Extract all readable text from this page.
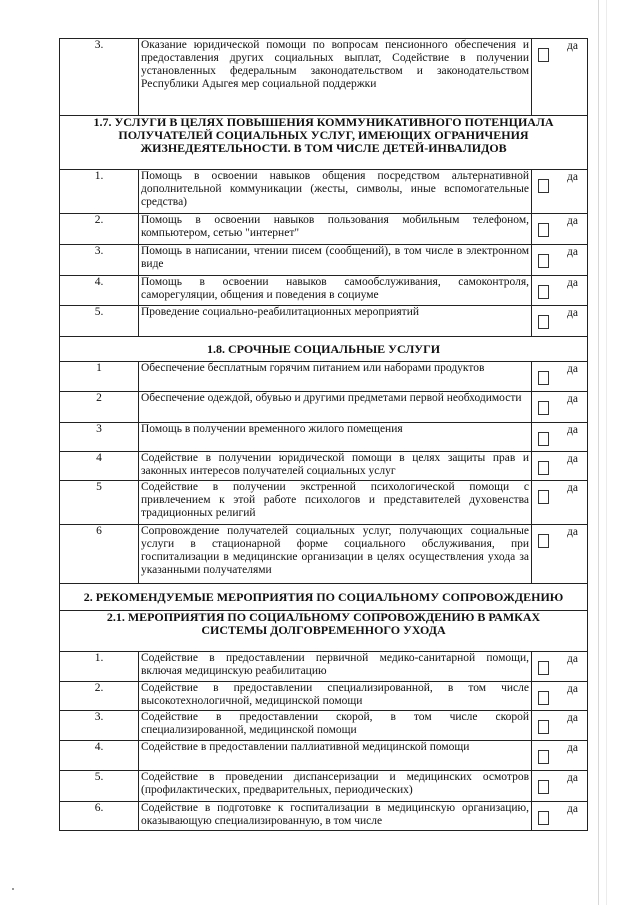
3.	Оказание юридической помощи по вопросам пенсионного обеспечения и предоставления других социальных выплат, Содействие в получении установленных федеральным законодательством и законодательством Республики Адыгея мер социальной поддержки	да

1.7. УСЛУГИ В ЦЕЛЯХ ПОВЫШЕНИЯ КОММУНИКАТИВНОГО ПОТЕНЦИАЛА ПОЛУЧАТЕЛЕЙ СОЦИАЛЬНЫХ УСЛУГ, ИМЕЮЩИХ ОГРАНИЧЕНИЯ ЖИЗНЕДЕЯТЕЛЬНОСТИ. В ТОМ ЧИСЛЕ ДЕТЕЙ-ИНВАЛИДОВ		
1.	Помощь в освоении навыков общения посредством альтернативной дополнительной коммуникации (жесты, символы, иные вспомогательные средства)	да

2.	Помощь в освоении навыков пользования мобильным телефоном, компьютером, сетью "интернет"	да

3.	Помощь в написании, чтении писем (сообщений), в том числе в электронном виде	да

4.	Помощь в освоении навыков самообслуживания, самоконтроля, саморегуляции, общения и поведения в социуме	да

5.	Проведение социально-реабилитационных мероприятий	да

1.8. СРОЧНЫЕ СОЦИАЛЬНЫЕ УСЛУГИ		
1	Обеспечение бесплатным горячим питанием или наборами продуктов	да

2	Обеспечение одеждой, обувью и другими предметами первой необходимости	да

3	Помощь в получении временного жилого помещения	да

4	Содействие в получении юридической помощи в целях защиты прав и законных интересов получателей социальных услуг	да

5	Содействие в получении экстренной психологической помощи с привлечением к этой работе психологов и представителей духовенства традиционных религий	да

6	Сопровождение получателей социальных услуг, получающих социальные услуги в стационарной форме социального обслуживания, при госпитализации в медицинские организации в целях осуществления ухода за указанными получателями	да

2. РЕКОМЕНДУЕМЫЕ МЕРОПРИЯТИЯ ПО СОЦИАЛЬНОМУ СОПРОВОЖДЕНИЮ		
2.1. МЕРОПРИЯТИЯ ПО СОЦИАЛЬНОМУ СОПРОВОЖДЕНИЮ В РАМКАХ СИСТЕМЫ ДОЛГОВРЕМЕННОГО УХОДА		
1.	Содействие в предоставлении первичной медико-санитарной помощи, включая медицинскую реабилитацию	да

2.	Содействие в предоставлении специализированной, в том числе высокотехнологичной, медицинской помощи	да

3.	Содействие в предоставлении скорой, в том числе скорой специализированной, медицинской помощи	да

4.	Содействие в предоставлении паллиативной медицинской помощи	да

5.	Содействие в проведении диспансеризации и медицинских осмотров (профилактических, предварительных, периодических)	да

6.	Содействие в подготовке к госпитализации в медицинскую организацию, оказывающую специализированную, в том числе	да
